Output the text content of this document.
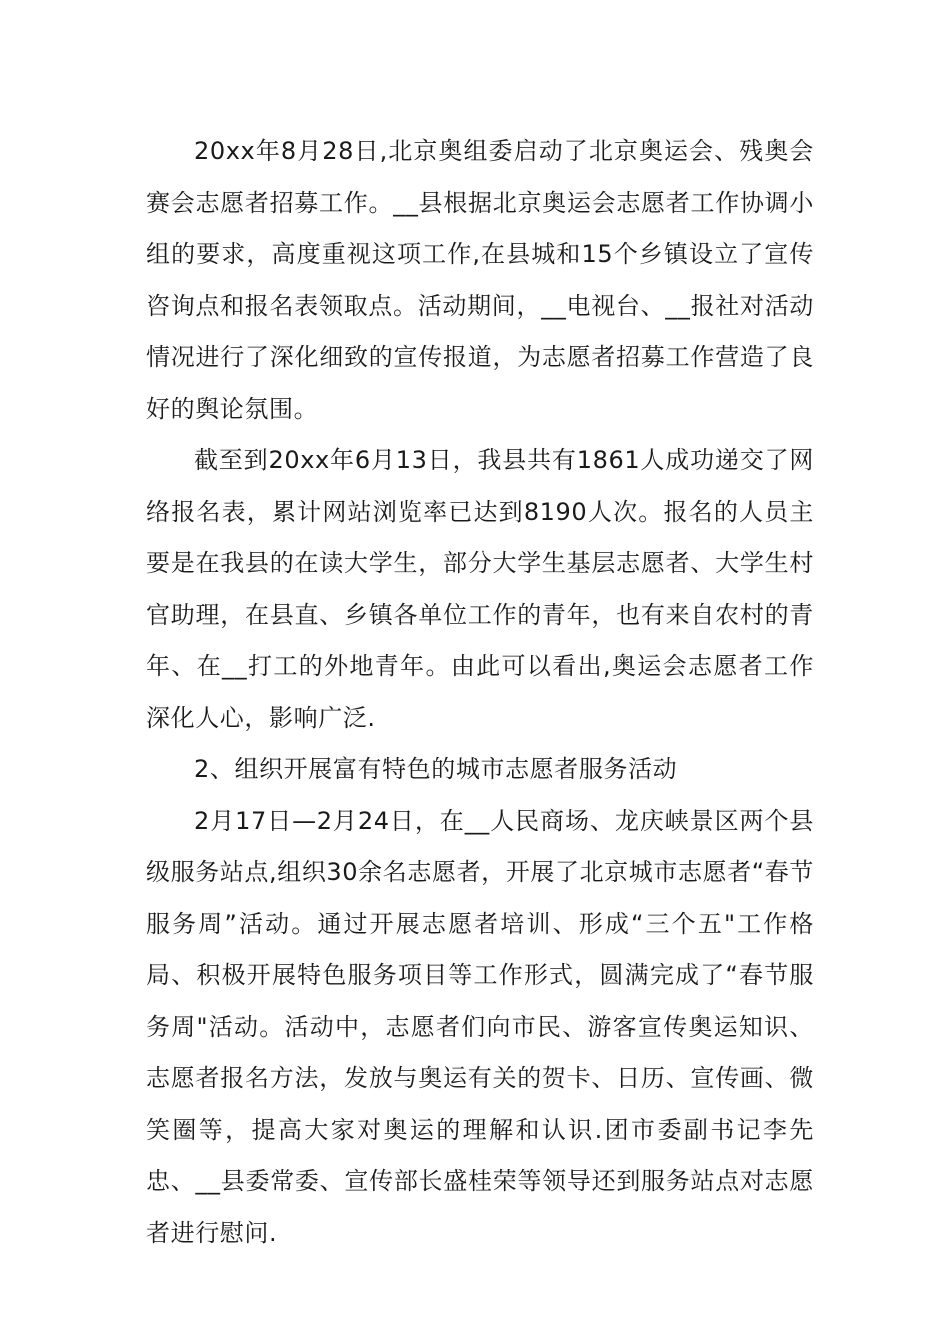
20xx年8月28日,北京奥组委启动了北京奥运会、残奥会赛会志愿者招募工作。__县根据北京奥运会志愿者工作协调小组的要求，高度重视这项工作,在县城和15个乡镇设立了宣传咨询点和报名表领取点。活动期间，__电视台、__报社对活动情况进行了深化细致的宣传报道，为志愿者招募工作营造了良好的舆论氛围。

截至到20xx年6月13日，我县共有1861人成功递交了网络报名表，累计网站浏览率已达到8190人次。报名的人员主要是在我县的在读大学生，部分大学生基层志愿者、大学生村官助理，在县直、乡镇各单位工作的青年，也有来自农村的青年、在__打工的外地青年。由此可以看出,奥运会志愿者工作深化人心，影响广泛.

2、组织开展富有特色的城市志愿者服务活动

2月17日—2月24日，在__人民商场、龙庆峡景区两个县级服务站点,组织30余名志愿者，开展了北京城市志愿者“春节服务周”活动。通过开展志愿者培训、形成“三个五"工作格局、积极开展特色服务项目等工作形式，圆满完成了“春节服务周"活动。活动中，志愿者们向市民、游客宣传奥运知识、志愿者报名方法，发放与奥运有关的贺卡、日历、宣传画、微笑圈等，提高大家对奥运的理解和认识.团市委副书记李先忠、__县委常委、宣传部长盛桂荣等领导还到服务站点对志愿者进行慰问.
